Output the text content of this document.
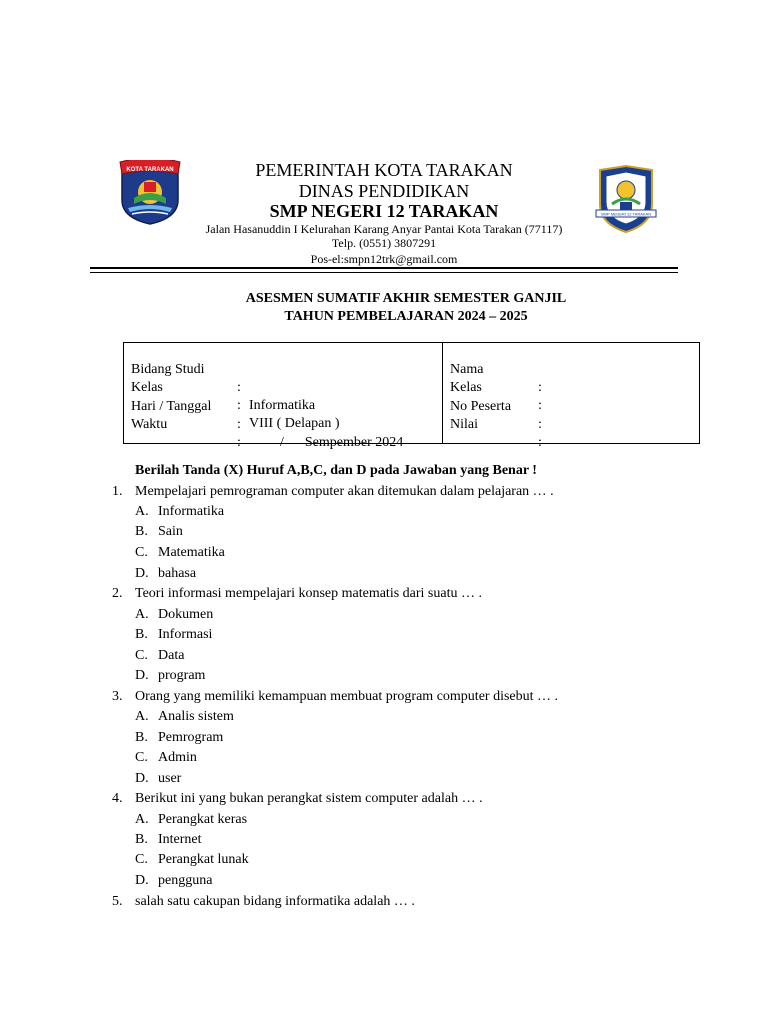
KOTA TARAKAN
SMP NEGERI 12 TARAKAN
PEMERINTAH KOTA TARAKAN
DINAS PENDIDIKAN
SMP NEGERI 12 TARAKAN
Jalan Hasanuddin I Kelurahan Karang Anyar Pantai Kota Tarakan (77117)
Telp. (0551) 3807291
Pos-el:smpn12trk@gmail.com
ASESMEN SUMATIF AKHIR SEMESTER GANJIL
TAHUN PEMBELAJARAN 2024 – 2025

Bidang Studi

:

Informatika

Kelas

:

VIII ( Delapan )

Hari / Tanggal

:

/      Sempember 2024

Waktu

:

Nama

:

Kelas

:

No Peserta

:

Nilai

:

Berilah Tanda (X) Huruf A,B,C, dan D pada Jawaban yang Benar !
1. Mempelajari pemrograman computer akan ditemukan dalam pelajaran … .
A. Informatika
B. Sain
C. Matematika
D. bahasa
2. Teori informasi mempelajari konsep matematis dari suatu … .
A. Dokumen
B. Informasi
C. Data
D. program
3. Orang yang memiliki kemampuan membuat program computer disebut … .
A. Analis sistem
B. Pemrogram
C. Admin
D. user
4. Berikut ini yang bukan perangkat sistem computer adalah … .
A. Perangkat keras
B. Internet
C. Perangkat lunak
D. pengguna
5. salah satu cakupan bidang informatika adalah … .
